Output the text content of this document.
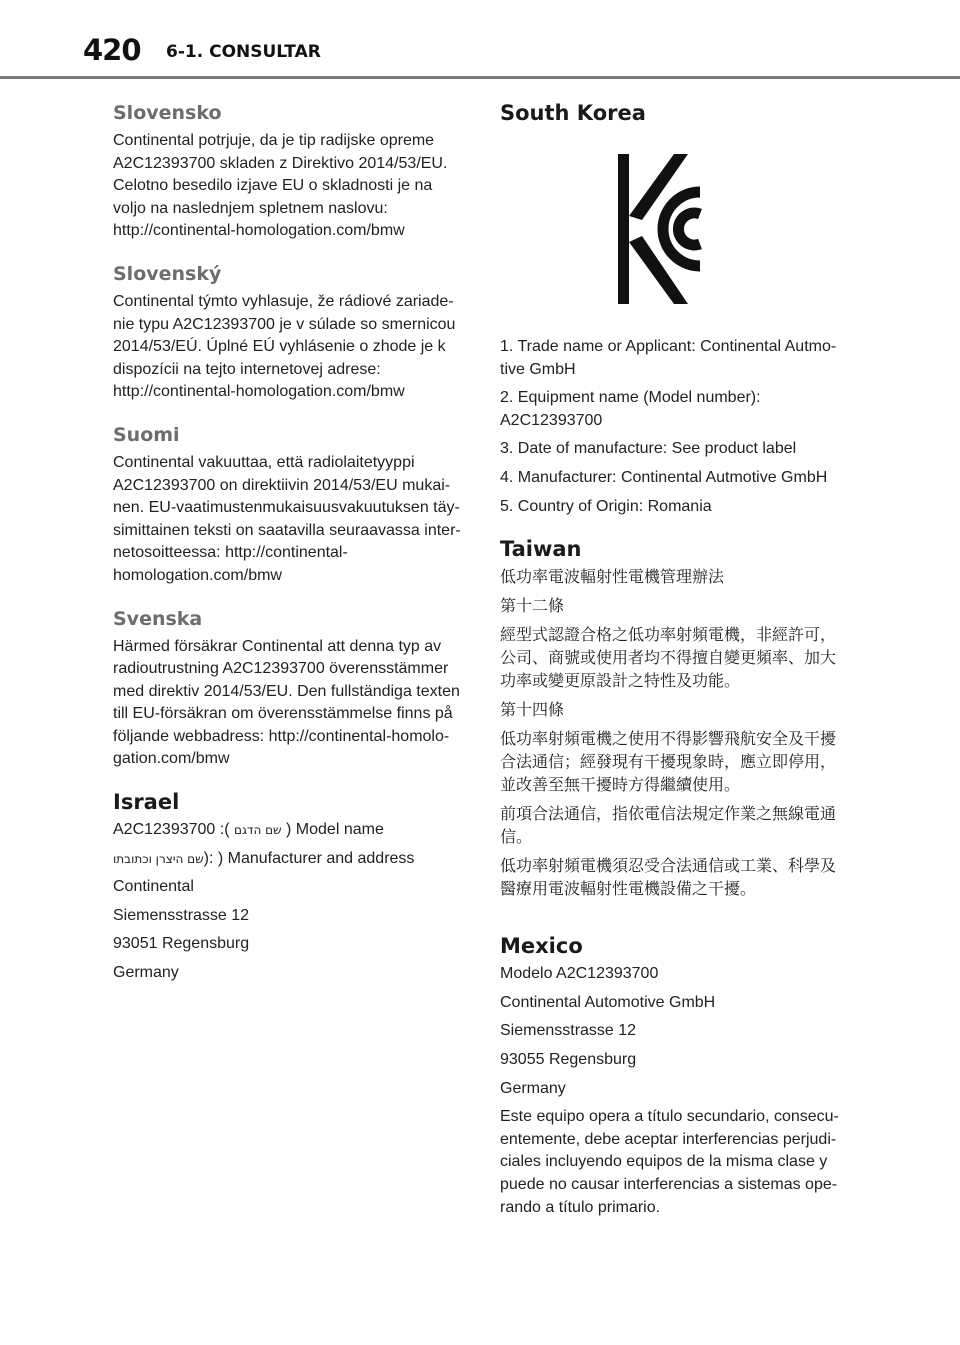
420 6-1. CONSULTAR
Slovensko

Continental potrjuje, da je tip radijske opreme A2C12393700 skladen z Direktivo 2014/53/EU. Celotno besedilo izjave EU o skladnosti je na voljo na naslednjem spletnem naslovu: http://continental-homologation.com/bmw

Slovenský

Continental týmto vyhlasuje, že rádiové zariade-nie typu A2C12393700 je v súlade so smernicou 2014/53/EÚ. Úplné EÚ vyhlásenie o zhode je k dispozícii na tejto internetovej adrese: http://continental-homologation.com/bmw

Suomi

Continental vakuuttaa, että radiolaitetyyppi A2C12393700 on direktiivin 2014/53/EU mukai-nen. EU-vaatimustenmukaisuusvakuutuksen täy-simittainen teksti on saatavilla seuraavassa inter-netosoitteessa: http://continental-homologation.com/bmw

Svenska

Härmed försäkrar Continental att denna typ av radioutrustning A2C12393700 överensstämmer med direktiv 2014/53/EU. Den fullständiga texten till EU-försäkran om överensstämmelse finns på följande webbadress: http://continental-homolo-gation.com/bmw

Israel

A2C12393700 :( שם הדגם ) Model name

שם היצרן וכתובתו): ) Manufacturer and address

Continental

Siemensstrasse 12

93051 Regensburg

Germany

South Korea

1. Trade name or Applicant: Continental Autmo-tive GmbH

2. Equipment name (Model number): A2C12393700

3. Date of manufacture: See product label

4. Manufacturer: Continental Autmotive GmbH

5. Country of Origin: Romania

Taiwan

低功率電波輻射性電機管理辦法

第十二條

經型式認證合格之低功率射頻電機，非經許可，公司、商號或使用者均不得擅自變更頻率、加大功率或變更原設計之特性及功能。

第十四條

低功率射頻電機之使用不得影響飛航安全及干擾合法通信；經發現有干擾現象時，應立即停用，並改善至無干擾時方得繼續使用。

前項合法通信，指依電信法規定作業之無線電通信。

低功率射頻電機須忍受合法通信或工業、科學及醫療用電波輻射性電機設備之干擾。

Mexico

Modelo A2C12393700

Continental Automotive GmbH

Siemensstrasse 12

93055 Regensburg

Germany

Este equipo opera a título secundario, consecu-entemente, debe aceptar interferencias perjudi-ciales incluyendo equipos de la misma clase y puede no causar interferencias a sistemas ope-rando a título primario.
